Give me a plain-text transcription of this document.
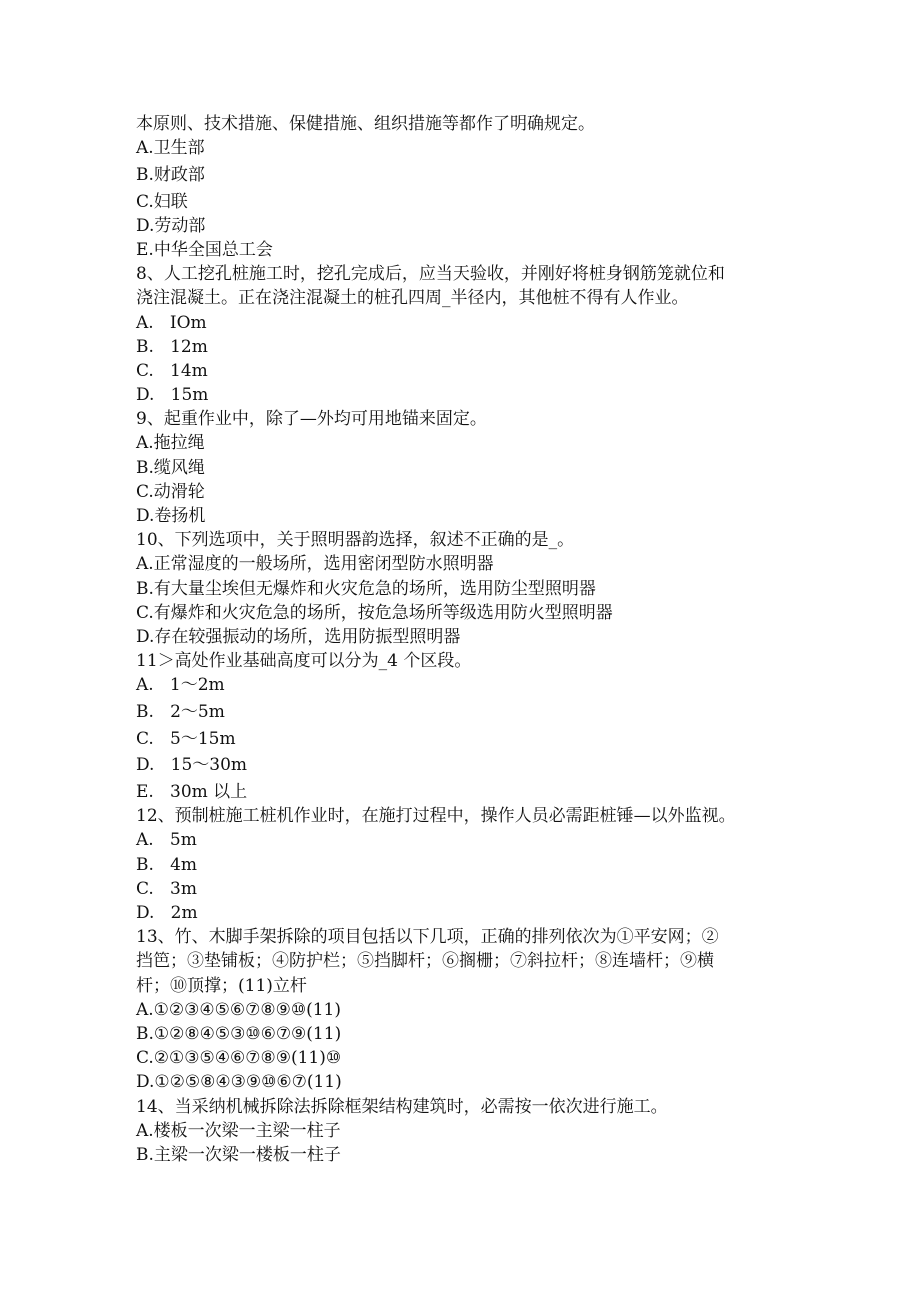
本原则、技术措施、保健措施、组织措施等都作了明确规定。
A.卫生部
B.财政部
C.妇联
D.劳动部
E.中华全国总工会
8、人工挖孔桩施工时，挖孔完成后，应当天验收，并刚好将桩身钢筋笼就位和
浇注混凝土。正在浇注混凝土的桩孔四周_半径内，其他桩不得有人作业。
A.   IOm
B.   12m
C.   14m
D.   15m
9、起重作业中，除了—外均可用地锚来固定。
A.拖拉绳
B.缆风绳
C.动滑轮
D.卷扬机
10、下列选项中，关于照明器韵选择，叙述不正确的是_。
A.正常湿度的一般场所，选用密闭型防水照明器
B.有大量尘埃但无爆炸和火灾危急的场所，选用防尘型照明器
C.有爆炸和火灾危急的场所，按危急场所等级选用防火型照明器
D.存在较强振动的场所，选用防振型照明器
11＞高处作业基础高度可以分为_4 个区段。
A.   1～2m
B.   2～5m
C.   5～15m
D.   15～30m
E.   30m 以上
12、预制桩施工桩机作业时，在施打过程中，操作人员必需距桩锤—以外监视。
A.   5m
B.   4m
C.   3m
D.   2m
13、竹、木脚手架拆除的项目包括以下几项，正确的排列依次为①平安网；②
挡笆；③垫铺板；④防护栏；⑤挡脚杆；⑥搁栅；⑦斜拉杆；⑧连墙杆；⑨横
杆；⑩顶撑；(11)立杆
A.①②③④⑤⑥⑦⑧⑨⑩(11)
B.①②⑧④⑤③⑩⑥⑦⑨(11)
C.②①③⑤④⑥⑦⑧⑨(11)⑩
D.①②⑤⑧④③⑨⑩⑥⑦(11)
14、当采纳机械拆除法拆除框架结构建筑时，必需按一依次进行施工。
A.楼板一次梁一主梁一柱子
B.主梁一次梁一楼板一柱子
